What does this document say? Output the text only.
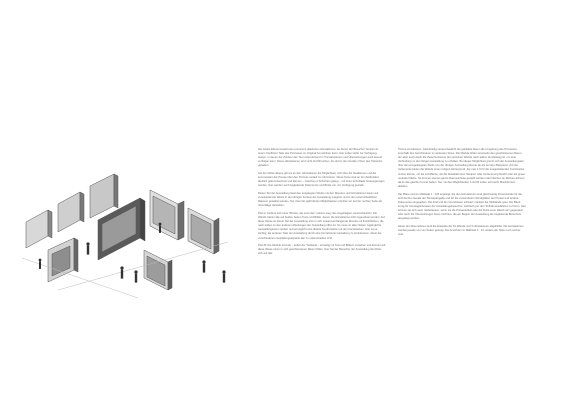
Die zweite Ebene besteht aus prominent platzierten Hörstationen, an denen der Besucher zentral mit einem Kopfhörer Teile des Prozesses im Original hat anhören kann. Hier sollen Hefte zur Verfügung stehen, in denen der Zuhörer den Text unterstützend in Transkriptionen und Übersetzungen auch lesend verfolgen kann. Diese Hörstationen sind nicht durchbrochen, da sind in den dunklen Orten des Tiefwerks gehalten.

Auf der dritten Ebene gibt es an den Hörstationen die Möglichkeit, sich über die Reaktionen und die kommentare der Presse über den Prozess verlauf zu informieren. Diese Texte sind an der Zeitfunktion deutlich gekennzeichnet und können – zwischen 2 Schichten gelegt – mit einer Schublade herausgezogen werden. Hier werden auch begleitende Dokumente und Briefe etc. zur Verfügung gestellt.

Dieser Teil der Ausstellung lässt den eingelegten Modus mit den Monolen und Hörstationen kaum auf verschiedenste Weise in den übrigen Kontext der Ausstellung integriert und in den unterschiedlichen Räumen gestaltet werden. Nur zwei der geforderten Möglichkeiten möchten wir auf der rechten Seite als Vorschläge darstellen.

Plan A: bedient sich einer 'Brücke, die einer den 'unbenu weg' des Angeklagten veranschaulicht. Die Wände haben alle auf beiden Seiten Texte und Bilder, denen die Hörstationen 100 zugeordnet werden. Auf diese Weise ist dieser Teil der Ausstellung eine in sich zusammenhängende Strecke mit Durchblicken, die nach außen zu den anderen Abteilungen der Ausstellung offen ist. So muss zu allen Seiten zugängliche Ausstellungsraum stehen und ermöglicht eine direkte Konfrontation mit den Kunstwerken. Hier ist es wichtig, die anderen Teile der Ausstellung durch eine formalisierte Gestaltung zu strukturieren, damit die verschiedenen Gestaltungsaspekte klar zu unterscheiden sind.

Plan B: Die Module sind als – außer der Tiefwand – einseitig mit Text und Bildern versehen und können auf diese Weise einen in sich geschlossenen Raum bilden. Hier hat der Besucher der Ausstellung die Ruhe, sich auf das

Thema einzulassen. Gleichzeitig veranschaulicht der gebildete Raum die Umgebung des Prozesses innerhalb des Gerichtsraum im weitesten Sinne. Die Module bilden einerseits den geschlossenen Raum, der aber auch durch die Zwischenräume der einzelnen Wände nach außen durchlässig ist, um eine Verbindung zu der übrigen Ausstellung zu erhalten. Bei dieser Möglichkeit grenzt sich der Ausstellungsteil über den Ansgelesigsten Motiv von der übrigen Ausstellung kleiner ab als bei dem Beispiel A. Auf der Außenseite bieten die Wände einen ruhigen Hintergrund, der max 1,5 für die ausgestellenden Kunstwerke nutzen könnte, mit als Lichtfläche, die die Aktualität einer Skulptur oder Inszenierung bleicht oder als graue neutrale Fläche. So können ebenso ganze Raumeinheite gestellt werden oder Nischen an Rücken ächnen, da es das gleiche Format haben. hier mit den Möglichkeiten A und B selten sich auch Mischformen ableiten.

Die Pläne sind im Maßstab 1 : 125 angelegt, die den Hörstationen sind gleichwertig bimensionale für die technischen Geräte der Tonwiedergabe und für die verwendeten Schubpläten der Presse und andere Dokumente eingegeben. Die bind und fen Grundrissen schwarz markiert die Stillstände grau. Die Band sonig für Sonntagshörsaten der Ausstellungsbesucher: zahlreich per den Tonbahnausfahrten zu hören. Hier können sie sich auch niederlassen, wenn sie die Presseartikel oder die Texte einer Wand vom gegenüber oder auch die Übersetzungen lesen möchten, die am Beginn der Ausstellung als begleitende Broschüre ausgelegt werden.

Hinter den Raumplänen sind die Entwürfe der 10 Wände und 3 Hörstationen abgebildet. Die Hörstationen werden jeweils von vier Seiten gezeigt. Die Ansichten im Maßstab 1 : 10, anders die Texte noch reicher sind.
